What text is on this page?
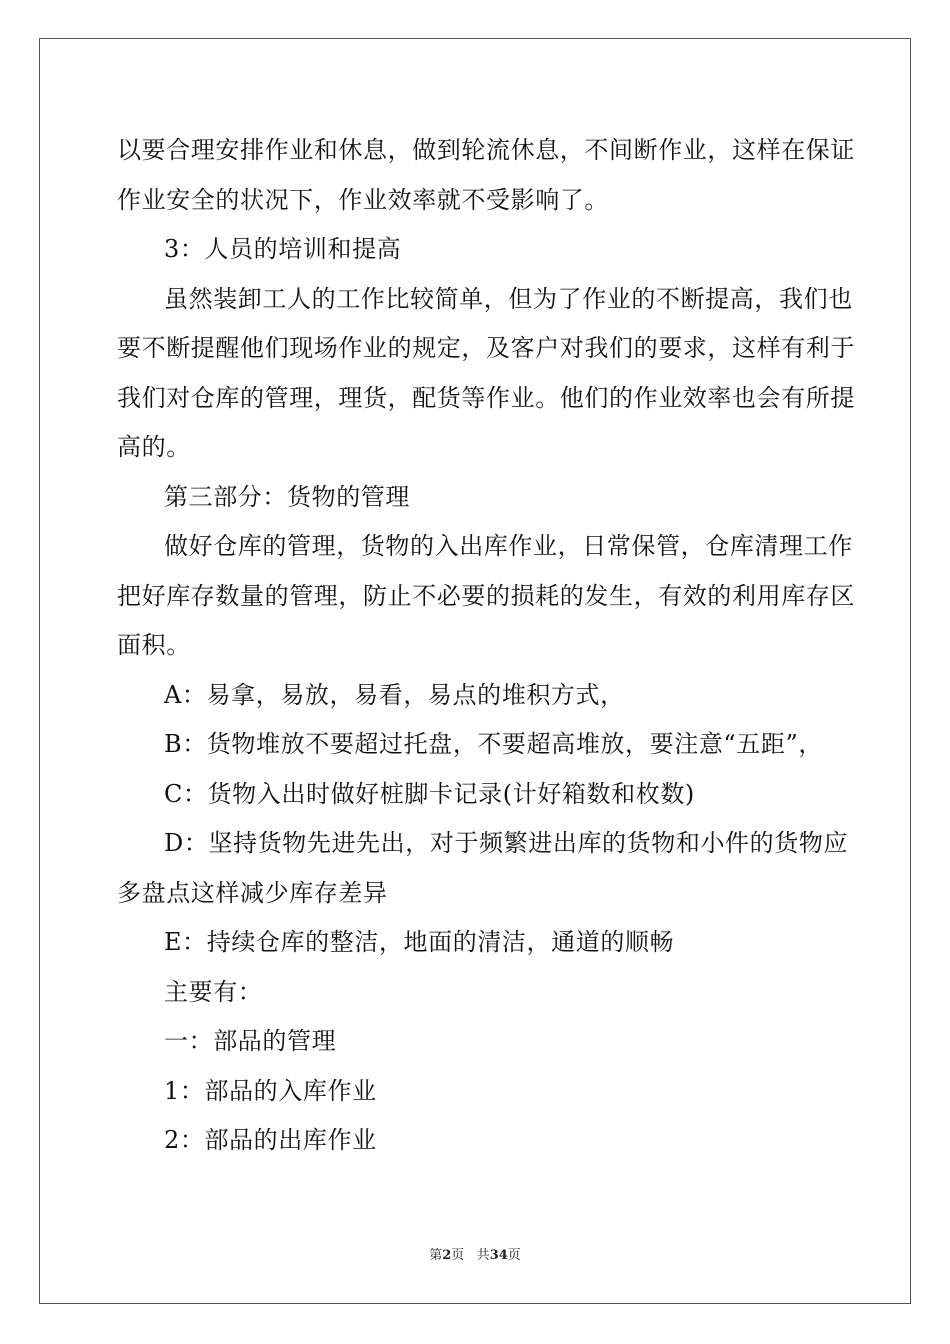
以要合理安排作业和休息，做到轮流休息，不间断作业，这样在保证
作业安全的状况下，作业效率就不受影响了。
3：人员的培训和提高
虽然装卸工人的工作比较简单，但为了作业的不断提高，我们也
要不断提醒他们现场作业的规定，及客户对我们的要求，这样有利于
我们对仓库的管理，理货，配货等作业。他们的作业效率也会有所提
高的。
第三部分：货物的管理
做好仓库的管理，货物的入出库作业，日常保管，仓库清理工作
把好库存数量的管理，防止不必要的损耗的发生，有效的利用库存区
面积。
A：易拿，易放，易看，易点的堆积方式，
B：货物堆放不要超过托盘，不要超高堆放，要注意“五距”，
C：货物入出时做好桩脚卡记录(计好箱数和枚数)
D：坚持货物先进先出，对于频繁进出库的货物和小件的货物应
多盘点这样减少库存差异
E：持续仓库的整洁，地面的清洁，通道的顺畅
主要有：
一：部品的管理
1：部品的入库作业
2：部品的出库作业
第2页 共34页
